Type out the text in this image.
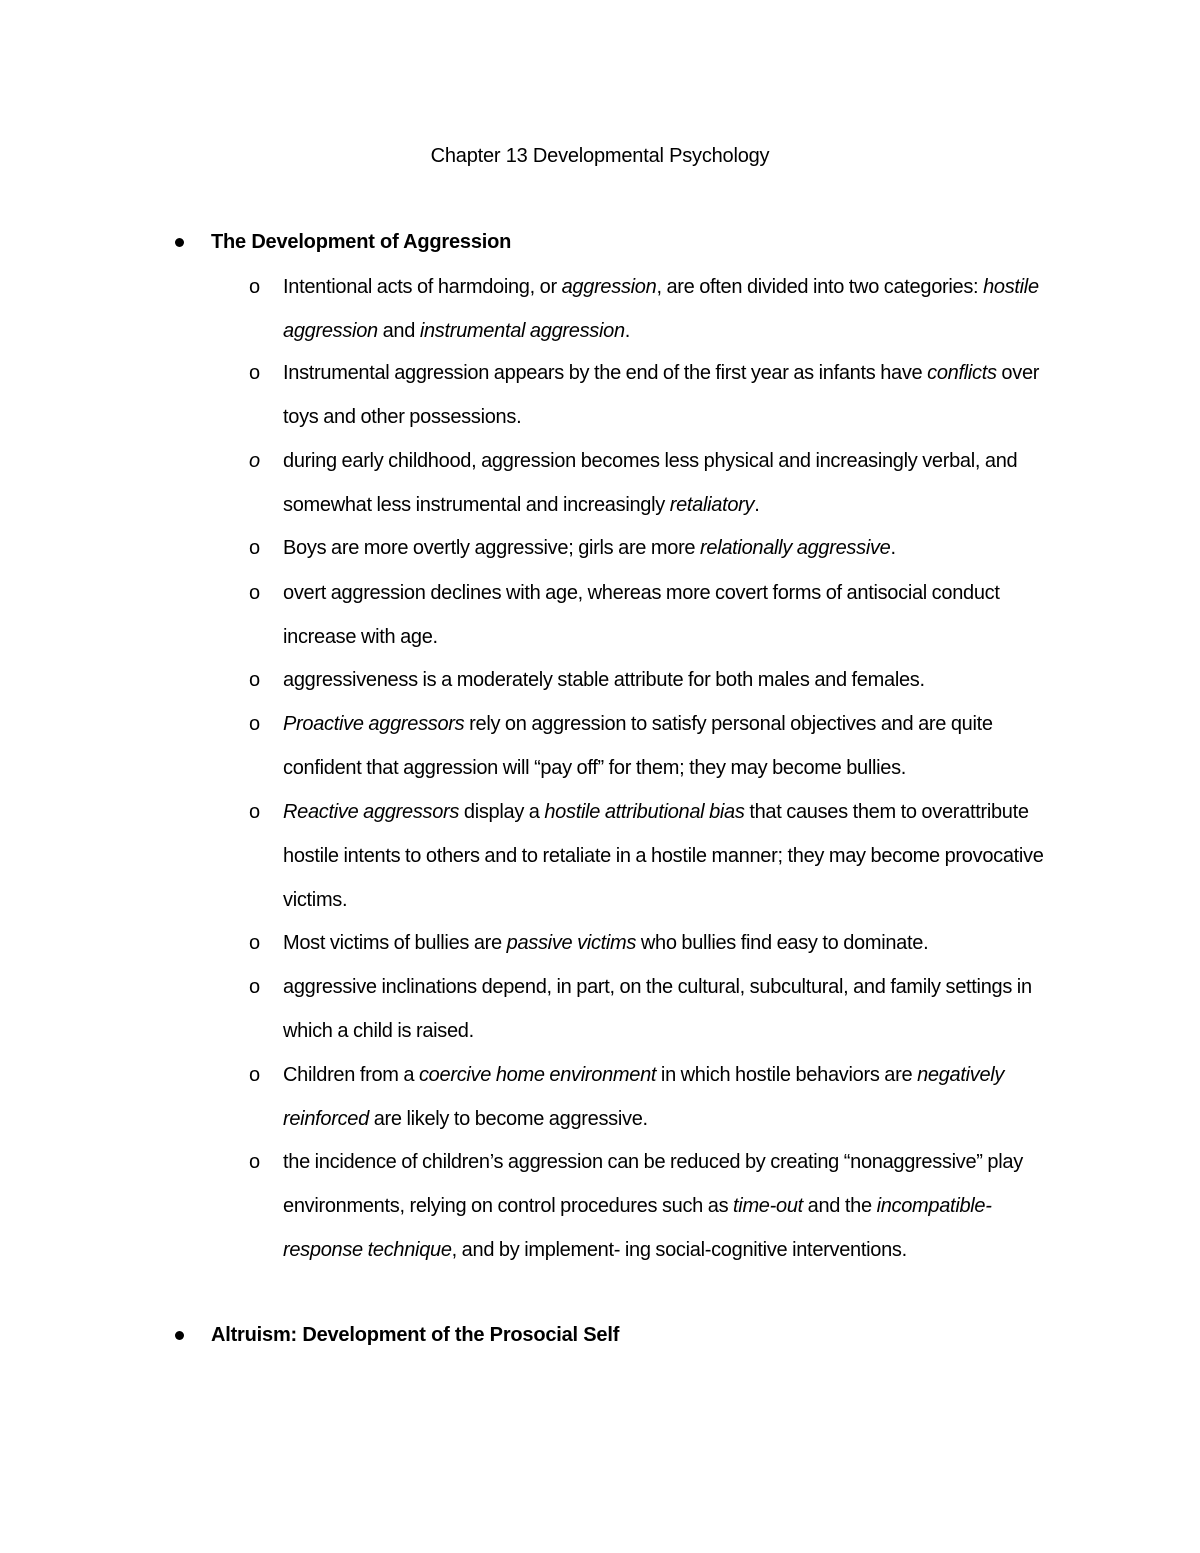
Chapter 13 Developmental Psychology
The Development of Aggression
o Intentional acts of harmdoing, or aggression, are often divided into two categories: hostile aggression and instrumental aggression.
o Instrumental aggression appears by the end of the first year as infants have conflicts over toys and other possessions.
o during early childhood, aggression becomes less physical and increasingly verbal, and somewhat less instrumental and increasingly retaliatory.
o Boys are more overtly aggressive; girls are more relationally aggressive.
o overt aggression declines with age, whereas more covert forms of antisocial conduct increase with age.
o aggressiveness is a moderately stable attribute for both males and females.
o Proactive aggressors rely on aggression to satisfy personal objectives and are quite confident that aggression will “pay off” for them; they may become bullies.
o Reactive aggressors display a hostile attributional bias that causes them to overattribute hostile intents to others and to retaliate in a hostile manner; they may become provocative victims.
o Most victims of bullies are passive victims who bullies find easy to dominate.
o aggressive inclinations depend, in part, on the cultural, subcultural, and family settings in which a child is raised.
o Children from a coercive home environment in which hostile behaviors are negatively reinforced are likely to become aggressive.
o the incidence of children’s aggression can be reduced by creating “nonaggressive” play environments, relying on control procedures such as time-out and the incompatible-response technique, and by implement- ing social-cognitive interventions.
Altruism: Development of the Prosocial Self
